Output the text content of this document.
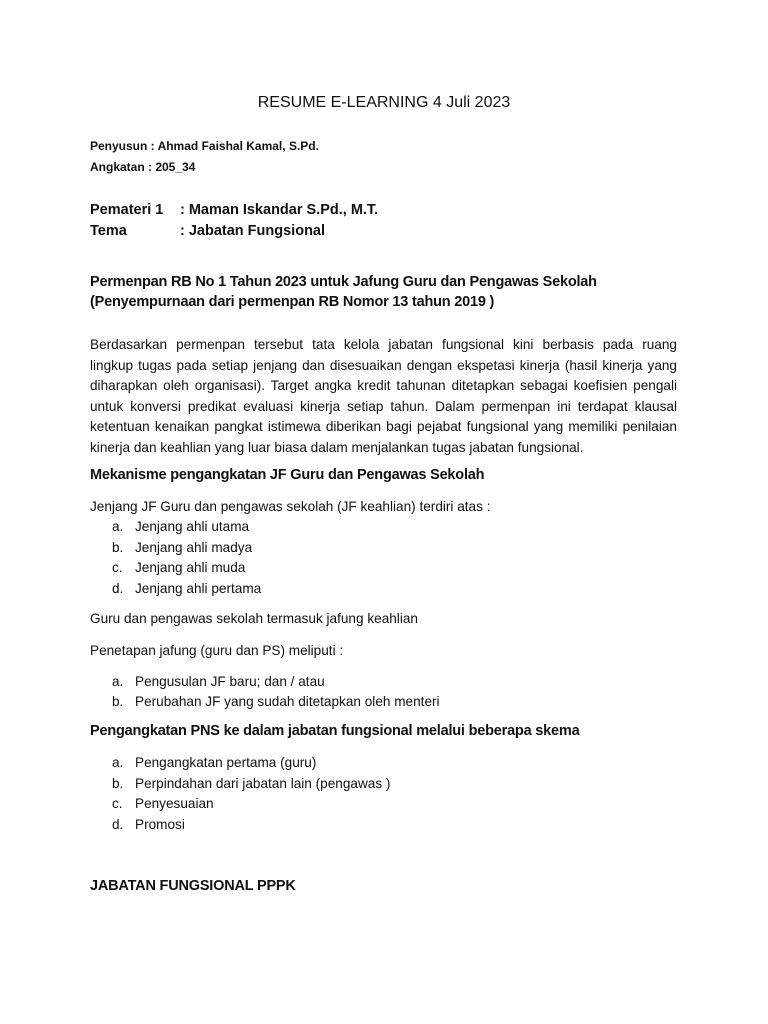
RESUME E-LEARNING 4 Juli 2023
Penyusun : Ahmad Faishal Kamal, S.Pd.
Angkatan : 205_34
Pemateri 1 : Maman Iskandar S.Pd., M.T.
Tema	: Jabatan Fungsional
Permenpan RB No 1 Tahun 2023 untuk Jafung Guru dan Pengawas Sekolah
(Penyempurnaan dari permenpan RB Nomor 13 tahun 2019 )
Berdasarkan permenpan tersebut tata kelola jabatan fungsional kini berbasis pada ruang
lingkup tugas pada setiap jenjang dan disesuaikan dengan ekspetasi kinerja (hasil kinerja yang
diharapkan oleh organisasi). Target angka kredit tahunan ditetapkan sebagai koefisien pengali
untuk konversi predikat evaluasi kinerja setiap tahun. Dalam permenpan ini terdapat klausal
ketentuan kenaikan pangkat istimewa diberikan bagi pejabat fungsional yang memiliki penilaian
kinerja dan keahlian yang luar biasa dalam menjalankan tugas jabatan fungsional.
Mekanisme pengangkatan JF Guru dan Pengawas Sekolah
Jenjang JF Guru dan pengawas sekolah (JF keahlian) terdiri atas :
a. Jenjang ahli utama
b. Jenjang ahli madya
c. Jenjang ahli muda
d. Jenjang ahli pertama
Guru dan pengawas sekolah termasuk jafung keahlian
Penetapan jafung (guru dan PS) meliputi :
a. Pengusulan JF baru; dan / atau
b. Perubahan JF yang sudah ditetapkan oleh menteri
Pengangkatan PNS ke dalam jabatan fungsional melalui beberapa skema
a. Pengangkatan pertama (guru)
b. Perpindahan dari jabatan lain (pengawas )
c. Penyesuaian
d. Promosi
JABATAN FUNGSIONAL PPPK
